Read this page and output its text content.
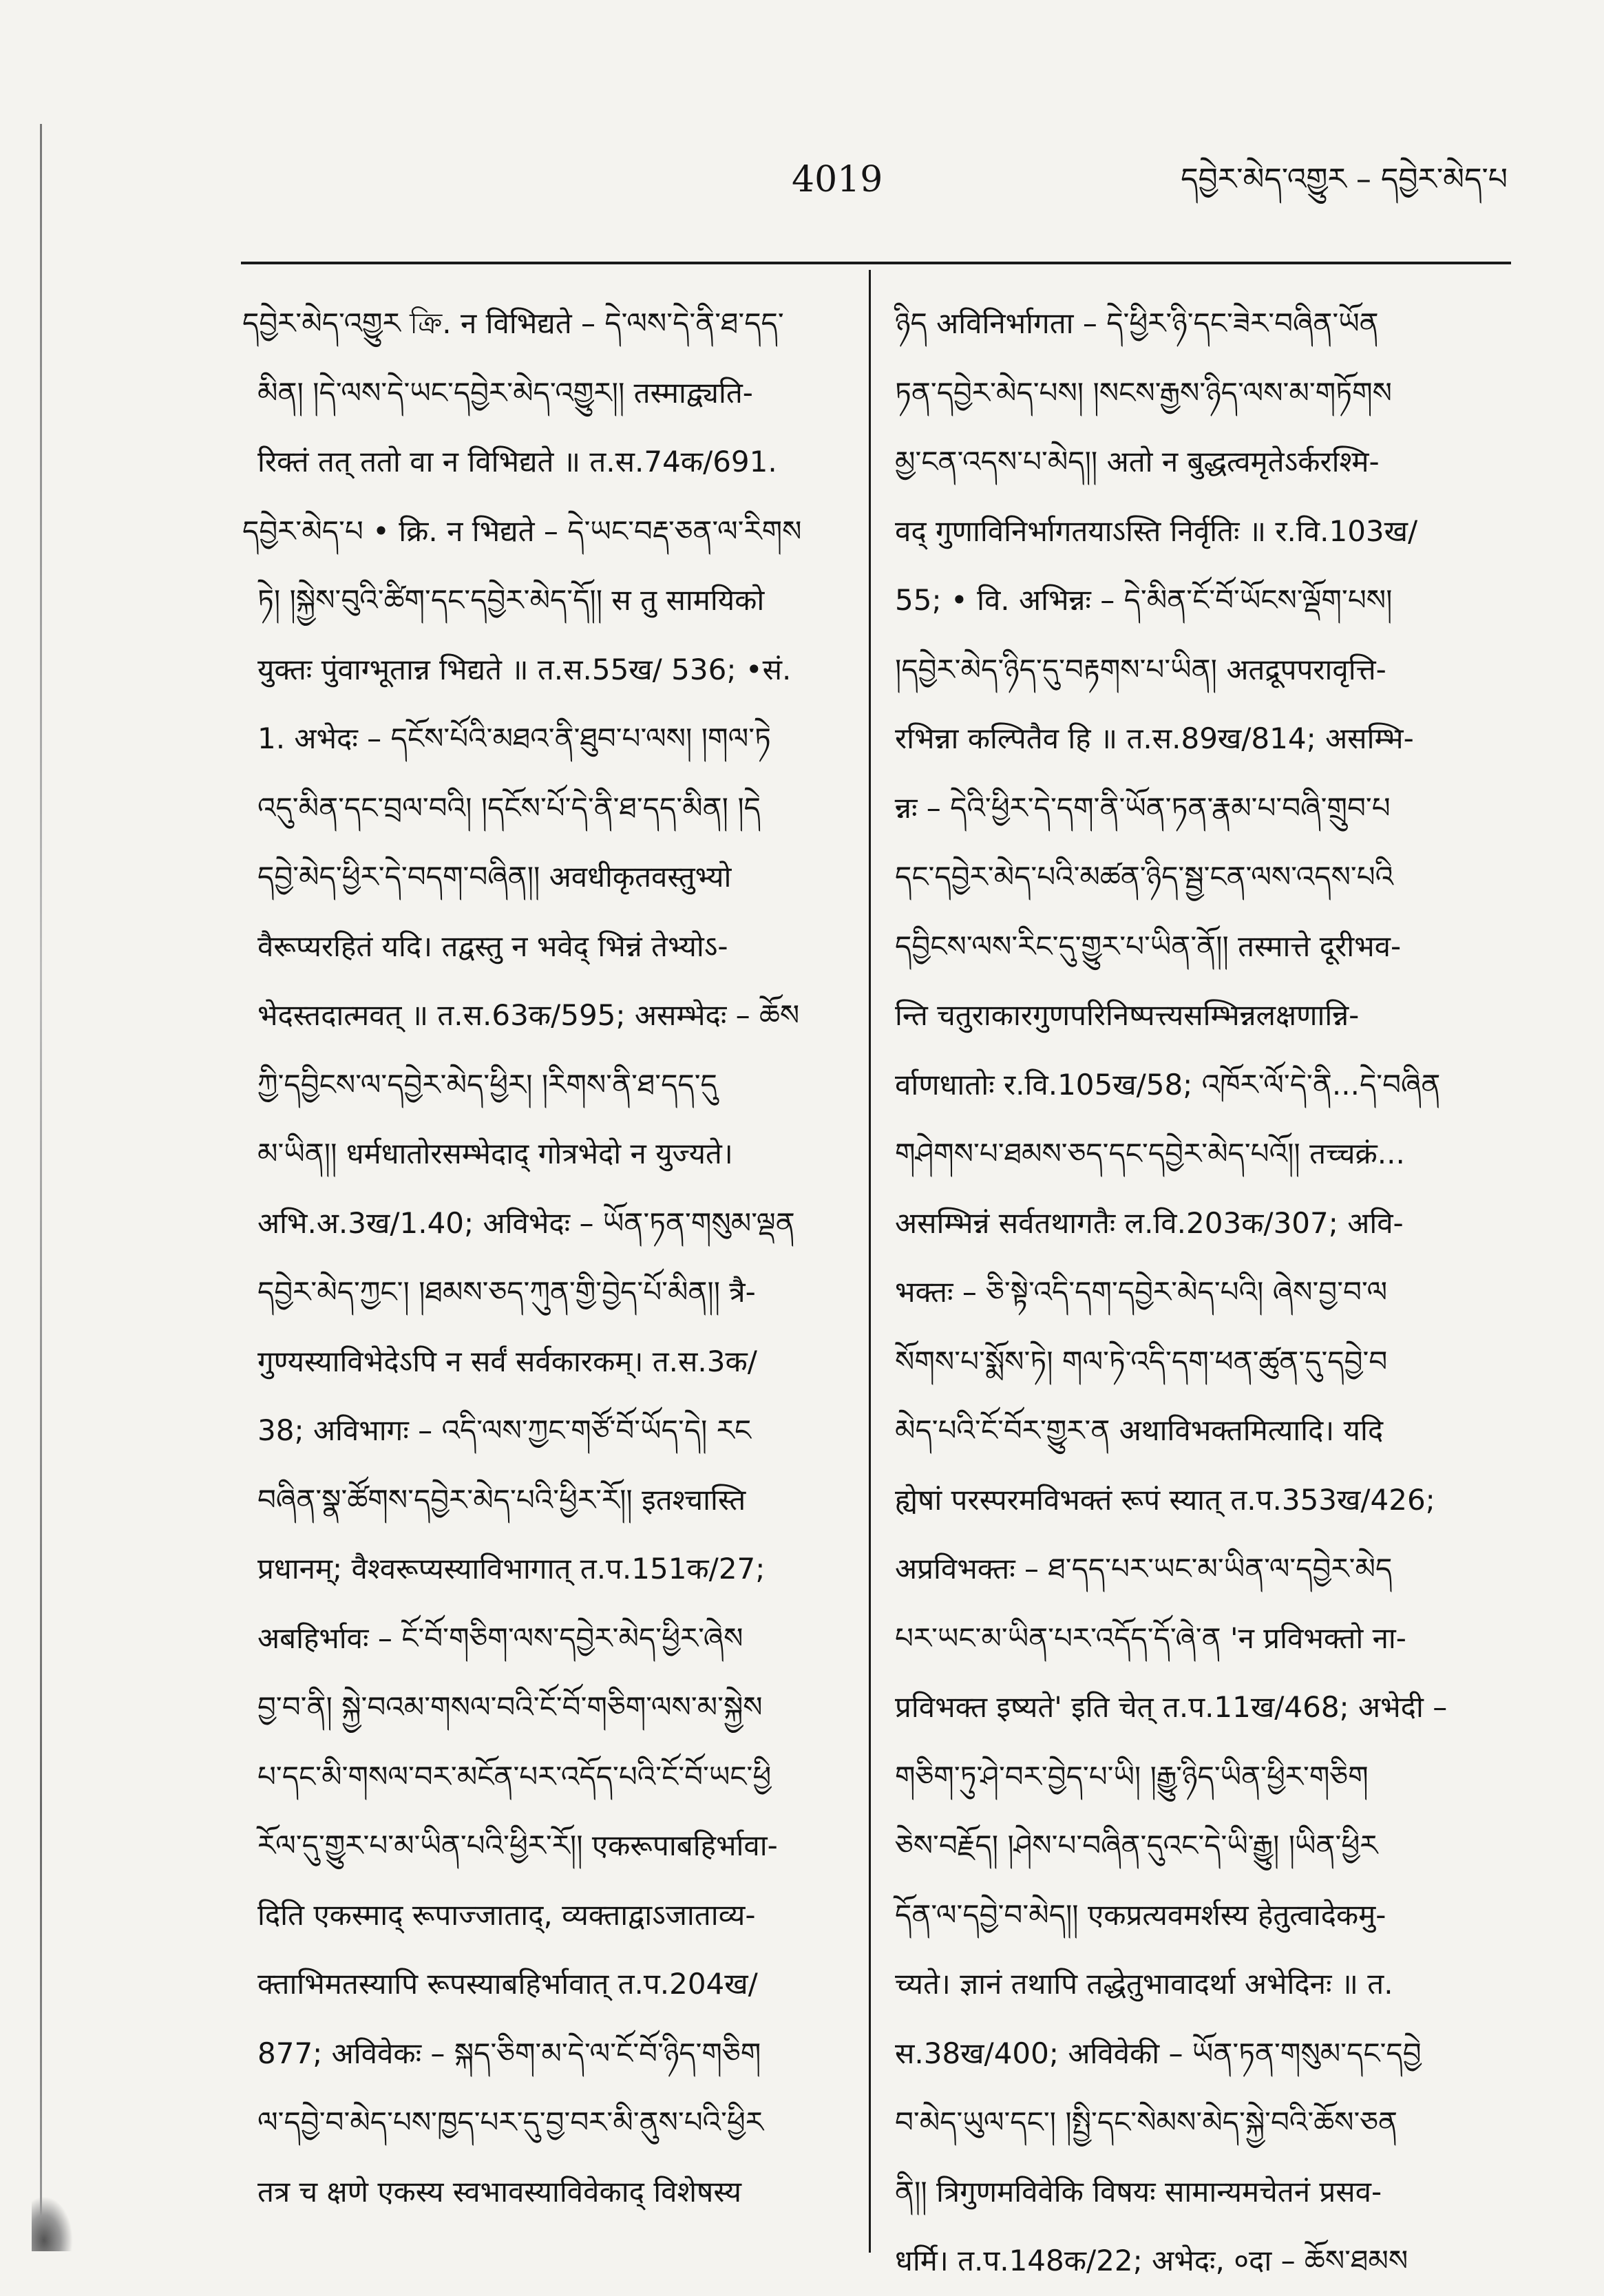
4019	དབྱེར་མེད་འགྱུར – དབྱེར་མེད་པ
དབྱེར་མེད་འགྱུར ক্রি. न विभिद्यते – དེ་ལས་དེ་ནི་ཐ་དད་
མིན། །དེ་ལས་དེ་ཡང་དབྱེར་མེད་འགྱུར།། तस्माद्व्यति-
रिक्तं तत् ततो वा न विभिद्यते ॥ त.स.74क/691.
དབྱེར་མེད་པ • क्रि. न भिद्यते – དེ་ཡང་བརྡ་ཅན་ལ་རིགས
ཏེ། །སྐྱེས་བུའི་ཚིག་དང་དབྱེར་མེད་དོ།། स तु सामयिको
युक्तः पुंवाग्भूतान्न भिद्यते ॥ त.स.55ख/ 536; •सं.
1. अभेदः – དངོས་པོའི་མཐའ་ནི་ཐུབ་པ་ལས། །གལ་ཏེ
འདུ་མིན་དང་བྲལ་བའི། །དངོས་པོ་དེ་ནི་ཐ་དད་མིན། །དེ
དབྱེ་མེད་ཕྱིར་དེ་བདག་བཞིན།། अवधीकृतवस्तुभ्यो
वैरूप्यरहितं यदि। तद्वस्तु न भवेद् भिन्नं तेभ्योऽ-
भेदस्तदात्मवत् ॥ त.स.63क/595; असम्भेदः – ཆོས
ཀྱི་དབྱིངས་ལ་དབྱེར་མེད་ཕྱིར། །རིགས་ནི་ཐ་དད་དུ
མ་ཡིན།། धर्मधातोरसम्भेदाद् गोत्रभेदो न युज्यते।
अभि.अ.3ख/1.40; अविभेदः – ཡོན་ཏན་གསུམ་ལྡན
དབྱེར་མེད་ཀྱང་། །ཐམས་ཅད་ཀུན་གྱི་བྱེད་པོ་མིན།། त्रै-
गुण्यस्याविभेदेऽपि न सर्वं सर्वकारकम्। त.स.3क/
38; अविभागः – འདི་ལས་ཀྱང་གཙོ་བོ་ཡོད་དེ། རང
བཞིན་སྣ་ཚོགས་དབྱེར་མེད་པའི་ཕྱིར་རོ།། इतश्चास्ति
प्रधानम्; वैश्वरूप्यस्याविभागात् त.प.151क/27;
अबहिर्भावः – ངོ་བོ་གཅིག་ལས་དབྱེར་མེད་ཕྱིར་ཞེས
བྱ་བ་ནི། སྐྱེ་བའམ་གསལ་བའི་ངོ་བོ་གཅིག་ལས་མ་སྐྱེས
པ་དང་མི་གསལ་བར་མངོན་པར་འདོད་པའི་ངོ་བོ་ཡང་ཕྱི
རོལ་དུ་གྱུར་པ་མ་ཡིན་པའི་ཕྱིར་རོ།། एकरूपाबहिर्भावा-
दिति एकस्माद् रूपाज्जाताद्, व्यक्ताद्वाऽजाताव्य-
क्ताभिमतस्यापि रूपस्याबहिर्भावात् त.प.204ख/
877; अविवेकः – སྐད་ཅིག་མ་དེ་ལ་ངོ་བོ་ཉིད་གཅིག
ལ་དབྱེ་བ་མེད་པས་ཁྱད་པར་དུ་བྱ་བར་མི་ནུས་པའི་ཕྱིར
तत्र च क्षणे एकस्य स्वभावस्याविवेकाद् विशेषस्य
ཉིད अविनिर्भागता – དེ་ཕྱིར་ཉི་དང་ཟེར་བཞིན་ཡོན
ཏན་དབྱེར་མེད་པས། །སངས་རྒྱས་ཉིད་ལས་མ་གཏོགས
མྱ་ངན་འདས་པ་མེད།། अतो न बुद्धत्वमृतेऽर्करश्मि-
वद् गुणाविनिर्भागतयाऽस्ति निर्वृतिः ॥ र.वि.103ख/
55; • वि. अभिन्नः – དེ་མིན་ངོ་བོ་ཡོངས་ལྡོག་པས།
།དབྱེར་མེད་ཉིད་དུ་བརྟགས་པ་ཡིན། अतद्रूपपरावृत्ति-
रभिन्ना कल्पितैव हि ॥ त.स.89ख/814; असम्भि-
न्नः – དེའི་ཕྱིར་དེ་དག་ནི་ཡོན་ཏན་རྣམ་པ་བཞི་གྲུབ་པ
དང་དབྱེར་མེད་པའི་མཚན་ཉིད་སྦྱ་ངན་ལས་འདས་པའི
དབྱིངས་ལས་རིང་དུ་གྱུར་པ་ཡིན་ནོ།། तस्मात्ते दूरीभव-
न्ति चतुराकारगुणपरिनिष्पत्त्यसम्भिन्नलक्षणान्नि-
र्वाणधातोः र.वि.105ख/58; འཁོར་ལོ་དེ་ནི...དེ་བཞིན
གཤེགས་པ་ཐམས་ཅད་དང་དབྱེར་མེད་པའོ།། तच्चक्रं...
असम्भिन्नं सर्वतथागतैः ल.वि.203क/307; अवि-
भक्तः – ཅི་སྟེ་འདི་དག་དབྱེར་མེད་པའི། ཞེས་བྱ་བ་ལ
སོགས་པ་སྨོས་ཏེ། གལ་ཏེ་འདི་དག་ཕན་ཚུན་དུ་དབྱེ་བ
མེད་པའི་ངོ་བོར་གྱུར་ན अथाविभक्तमित्यादि। यदि
ह्येषां परस्परमविभक्तं रूपं स्यात् त.प.353ख/426;
अप्रविभक्तः – ཐ་དད་པར་ཡང་མ་ཡིན་ལ་དབྱེར་མེད
པར་ཡང་མ་ཡིན་པར་འདོད་དོ་ཞེ་ན 'न प्रविभक्तो ना-
प्रविभक्त इष्यते' इति चेत् त.प.11ख/468; अभेदी –
གཅིག་ཏུ་ཤེ་བར་བྱེད་པ་ཡི། །རྒྱུ་ཉིད་ཡིན་ཕྱིར་གཅིག
ཅེས་བརྗོད། །ཤེས་པ་བཞིན་དུའང་དེ་ཡི་རྒྱུ། །ཡིན་ཕྱིར
དོན་ལ་དབྱེ་བ་མེད།། एकप्रत्यवमर्शस्य हेतुत्वादेकमु-
च्यते। ज्ञानं तथापि तद्धेतुभावादर्था अभेदिनः ॥ त.
स.38ख/400; अविवेकी – ཡོན་ཏན་གསུམ་དང་དབྱེ
བ་མེད་ཡུལ་དང་། །སྤྱི་དང་སེམས་མེད་སྐྱེ་བའི་ཆོས་ཅན
ནི།། त्रिगुणमविवेकि विषयः सामान्यमचेतनं प्रसव-
धर्मि। त.प.148क/22; अभेदः, ०दा – ཆོས་ཐམས
